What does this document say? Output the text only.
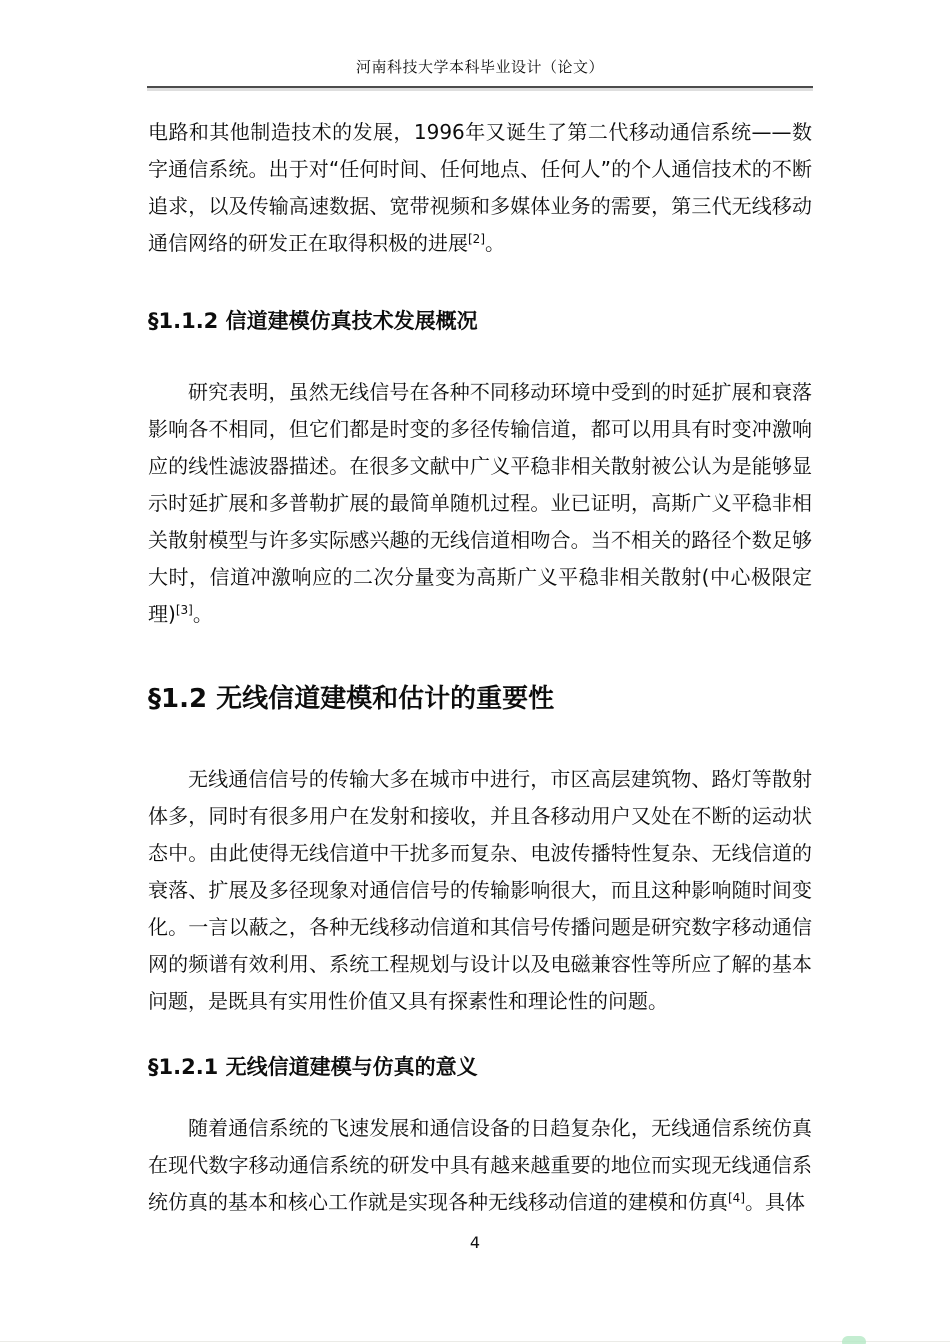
河南科技大学本科毕业设计（论文）

电路和其他制造技术的发展，1996年又诞生了第二代移动通信系统——数字通信系统。出于对“任何时间、任何地点、任何人”的个人通信技术的不断追求，以及传输高速数据、宽带视频和多媒体业务的需要，第三代无线移动通信网络的研发正在取得积极的进展[2]。

§1.1.2 信道建模仿真技术发展概况

研究表明，虽然无线信号在各种不同移动环境中受到的时延扩展和衰落影响各不相同，但它们都是时变的多径传输信道，都可以用具有时变冲激响应的线性滤波器描述。在很多文献中广义平稳非相关散射被公认为是能够显示时延扩展和多普勒扩展的最简单随机过程。业已证明，高斯广义平稳非相关散射模型与许多实际感兴趣的无线信道相吻合。当不相关的路径个数足够大时，信道冲激响应的二次分量变为高斯广义平稳非相关散射(中心极限定理)[3]。

§1.2 无线信道建模和估计的重要性

无线通信信号的传输大多在城市中进行，市区高层建筑物、路灯等散射体多，同时有很多用户在发射和接收，并且各移动用户又处在不断的运动状态中。由此使得无线信道中干扰多而复杂、电波传播特性复杂、无线信道的衰落、扩展及多径现象对通信信号的传输影响很大，而且这种影响随时间变化。一言以蔽之，各种无线移动信道和其信号传播问题是研究数字移动通信网的频谱有效利用、系统工程规划与设计以及电磁兼容性等所应了解的基本问题，是既具有实用性价值又具有探素性和理论性的问题。

§1.2.1 无线信道建模与仿真的意义

随着通信系统的飞速发展和通信设备的日趋复杂化，无线通信系统仿真在现代数字移动通信系统的研发中具有越来越重要的地位而实现无线通信系统仿真的基本和核心工作就是实现各种无线移动信道的建模和仿真[4]。具体

4
